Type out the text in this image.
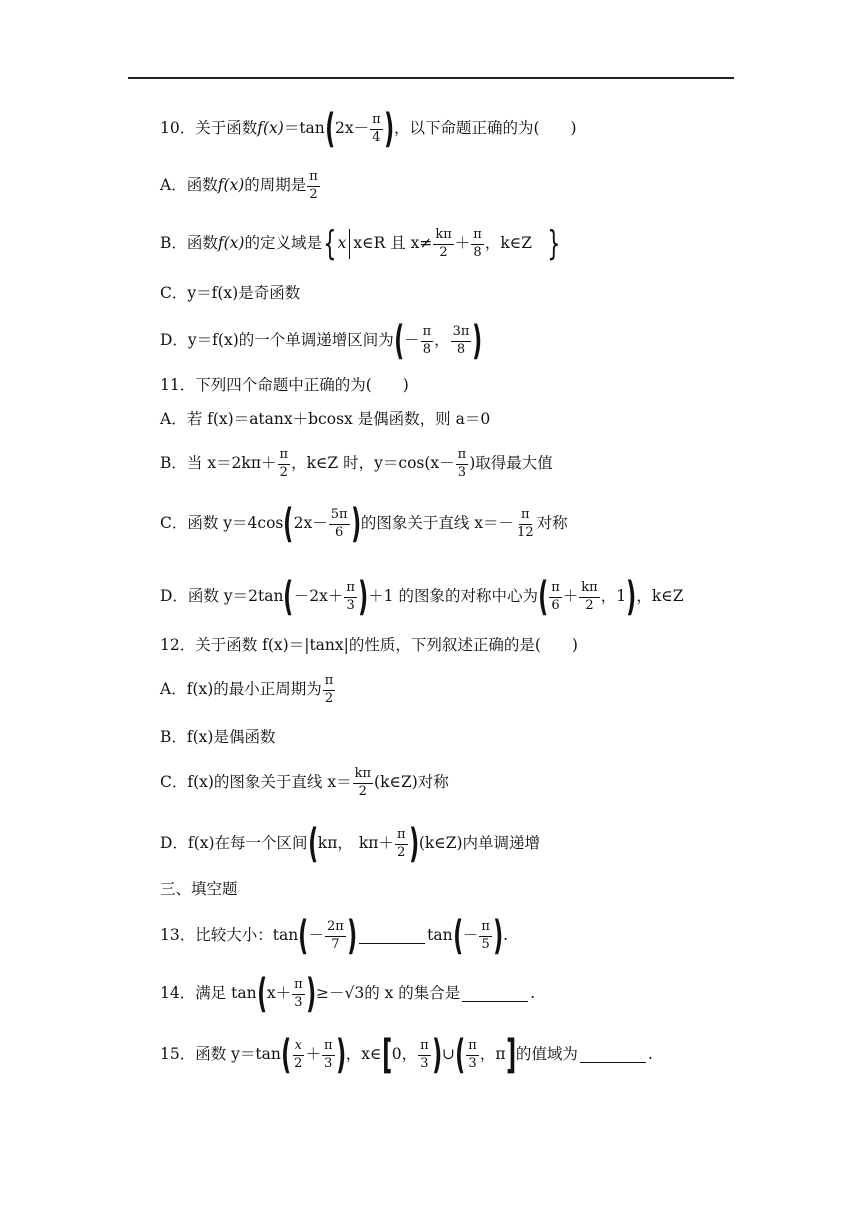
10．关于函数 f(x) ＝tan ( 2x－
π
4 ) ，以下命题正确的为(　　)
A．函数 f(x) 的周期是
π
2
B．函数 f(x) 的定义域是 { x x∈R 且 x≠
kπ
2 ＋
π
8 ，k∈Z }
C．y＝f(x)是奇函数
D．y＝f(x)的一个单调递增区间为 ( －
π
8 ，
3π
8 )
11．下列四个命题中正确的为(　　)
A．若 f(x)＝atanx＋bcosx 是偶函数，则 a＝0
B．当 x＝2kπ＋
π
2 ，k∈Z 时，y＝cos(x－
π
3 )取得最大值
C．函数 y＝4cos ( 2x－
5π
6 ) 的图象关于直线 x＝－
π
12 对称
D．函数 y＝2tan ( －2x＋
π
3 ) ＋1 的图象的对称中心为 ( π
6 ＋
kπ
2 ， 1 ) ，k∈Z
12．关于函数 f(x)＝|tanx|的性质，下列叙述正确的是(　　)
A．f(x)的最小正周期为
π
2
B．f(x)是偶函数
C．f(x)的图象关于直线 x＝
kπ
2 (k∈Z)对称
D．f(x)在每一个区间 ( kπ， kπ＋
π
2 ) (k∈Z)内单调递增
三、填空题
13．比较大小：tan ( －
2π
7 )	tan ( －
π
5 ) .
14．满足 tan ( x＋
π
3 ) ≥－√3的 x 的集合是	.
15．函数 y＝tan ( x
2 ＋
π
3 ) ，x∈ [ 0 ，
π
3 ) ∪ ( π
3 ， π ] 的值域为	.
